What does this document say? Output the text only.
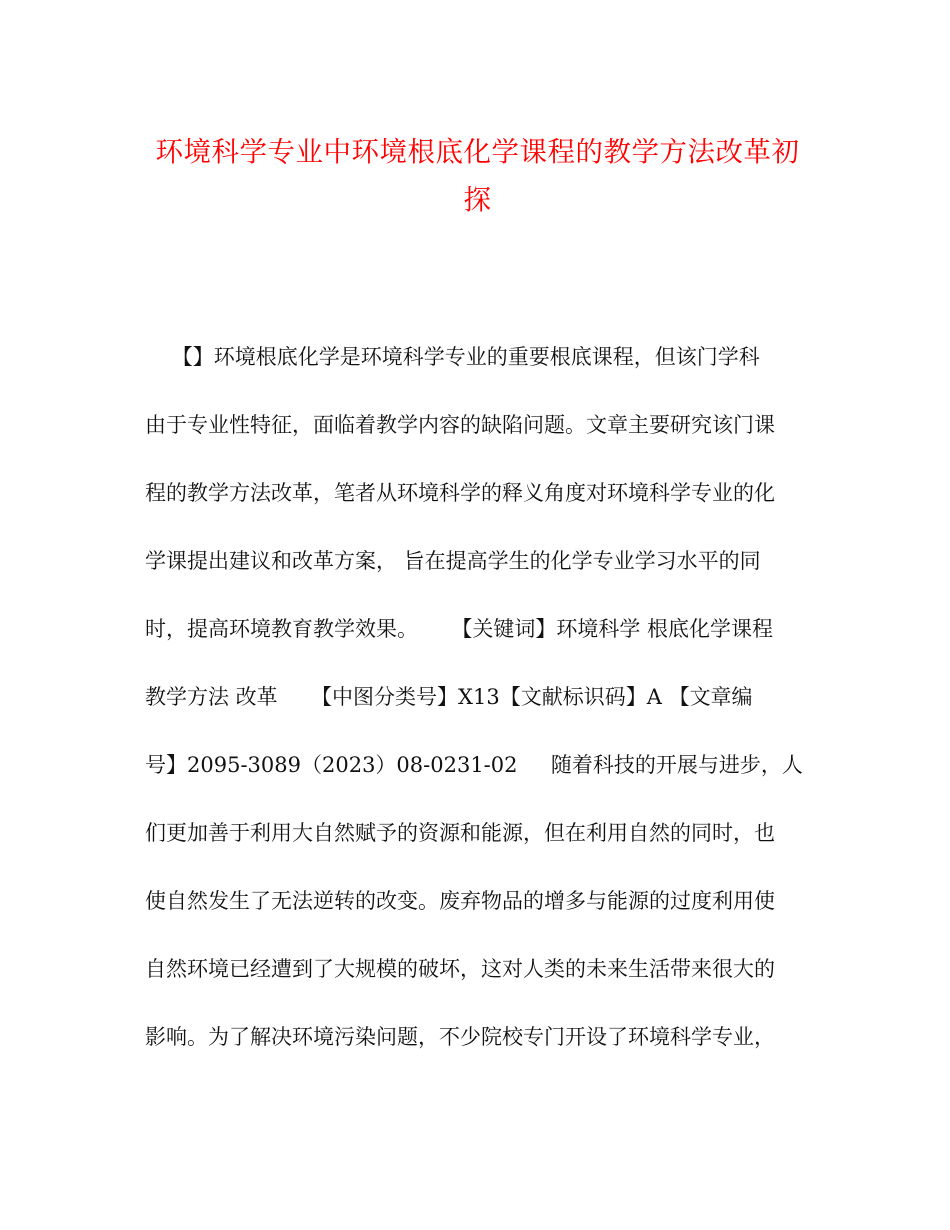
环境科学专业中环境根底化学课程的教学方法改革初
探
【】环境根底化学是环境科学专业的重要根底课程，但该门学科
由于专业性特征，面临着教学内容的缺陷问题。文章主要研究该门课
程的教学方法改革，笔者从环境科学的释义角度对环境科学专业的化
学课提出建议和改革方案， 旨在提高学生的化学专业学习水平的同
时，提高环境教育教学效果。     【关键词】环境科学 根底化学课程
教学方法 改革     【中图分类号】X13【文献标识码】A 【文章编
号】2095-3089（2023）08-0231-02     随着科技的开展与进步，人
们更加善于利用大自然赋予的资源和能源，但在利用自然的同时，也
使自然发生了无法逆转的改变。废弃物品的增多与能源的过度利用使
自然环境已经遭到了大规模的破坏，这对人类的未来生活带来很大的
影响。为了解决环境污染问题，不少院校专门开设了环境科学专业，
